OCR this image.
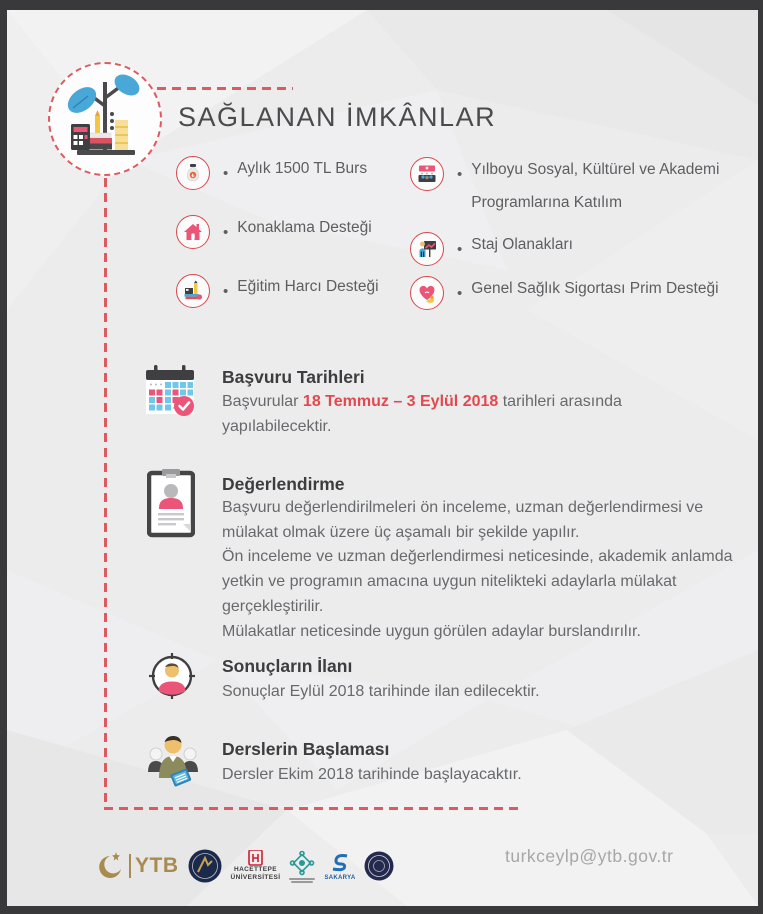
SAĞLANAN İMKÂNLAR
₺ • Aylık 1500 TL Burs
• Konaklama Desteği
• Eğitim Harcı Desteği
• Yılboyu Sosyal, Kültürel ve Akademi Programlarına Katılım
• Staj Olanakları
• Genel Sağlık Sigortası Prim Desteği
Başvuru Tarihleri

Başvurular 18 Temmuz – 3 Eylül 2018 tarihleri arasında yapılabilecektir.

Değerlendirme

Başvuru değerlendirilmeleri ön inceleme, uzman değerlendirmesi ve mülakat olmak üzere üç aşamalı bir şekilde yapılır.

Ön inceleme ve uzman değerlendirmesi neticesinde, akademik anlamda yetkin ve programın amacına uygun nitelikteki adaylarla mülakat gerçekleştirilir.

Mülakatlar neticesinde uygun görülen adaylar burslandırılır.

Sonuçların İlanı

Sonuçlar Eylül 2018 tarihinde ilan edilecektir.

Derslerin Başlaması

Dersler Ekim 2018 tarihinde başlayacaktır.

YTB	HACETTEPE
ÜNİVERSİTESİ	SAKARYA
turkceylp@ytb.gov.tr
